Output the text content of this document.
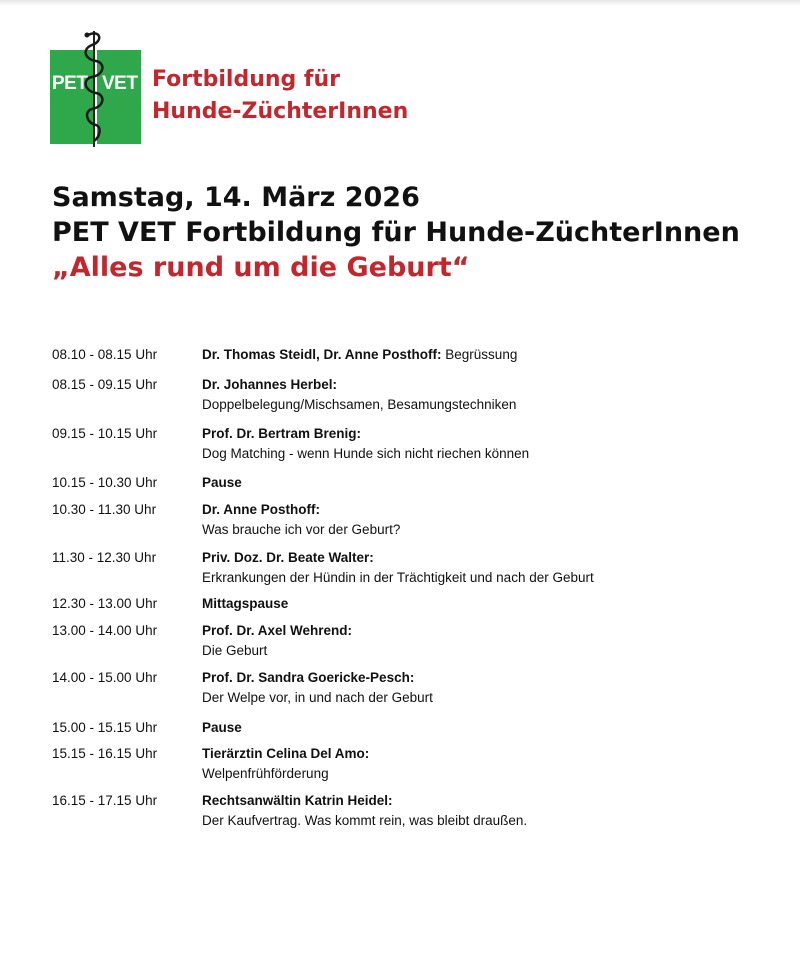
PET VET Fortbildung für
Hunde-ZüchterInnen
Samstag, 14. März 2026
PET VET Fortbildung für Hunde-ZüchterInnen
„Alles rund um die Geburt“
08.10 - 08.15 Uhr	Dr. Thomas Steidl, Dr. Anne Posthoff: Begrüssung
08.15 - 09.15 Uhr	Dr. Johannes Herbel:
Doppelbelegung/Mischsamen, Besamungstechniken
09.15 - 10.15 Uhr	Prof. Dr. Bertram Brenig:
Dog Matching - wenn Hunde sich nicht riechen können
10.15 - 10.30 Uhr	Pause
10.30 - 11.30 Uhr	Dr. Anne Posthoff:
Was brauche ich vor der Geburt?
11.30 - 12.30 Uhr	Priv. Doz. Dr. Beate Walter:
Erkrankungen der Hündin in der Trächtigkeit und nach der Geburt
12.30 - 13.00 Uhr	Mittagspause
13.00 - 14.00 Uhr	Prof. Dr. Axel Wehrend:
Die Geburt
14.00 - 15.00 Uhr	Prof. Dr. Sandra Goericke-Pesch:
Der Welpe vor, in und nach der Geburt
15.00 - 15.15 Uhr	Pause
15.15 - 16.15 Uhr	Tierärztin Celina Del Amo:
Welpenfrühförderung
16.15 - 17.15 Uhr	Rechtsanwältin Katrin Heidel:
Der Kaufvertrag. Was kommt rein, was bleibt draußen.
